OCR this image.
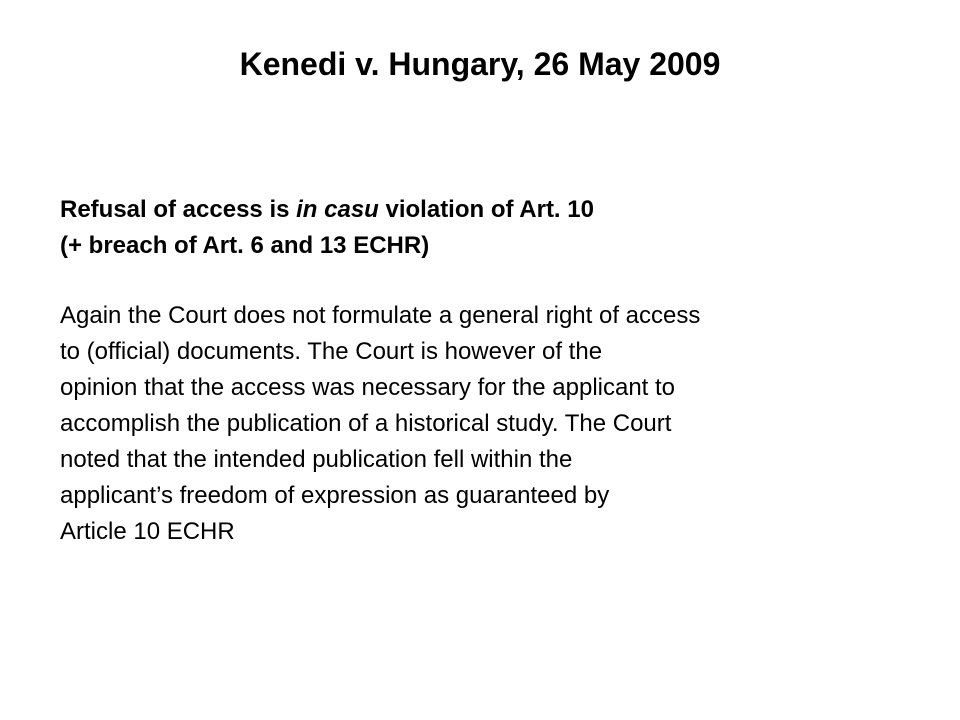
Kenedi v. Hungary, 26 May 2009

Refusal of access is in casu violation of Art. 10
(+ breach of Art. 6 and 13 ECHR)

Again the Court does not formulate a general right of access
to (official) documents. The Court is however of the
opinion that the access was necessary for the applicant to
accomplish the publication of a historical study. The Court
noted that the intended publication fell within the
applicant’s freedom of expression as guaranteed by
Article 10 ECHR
